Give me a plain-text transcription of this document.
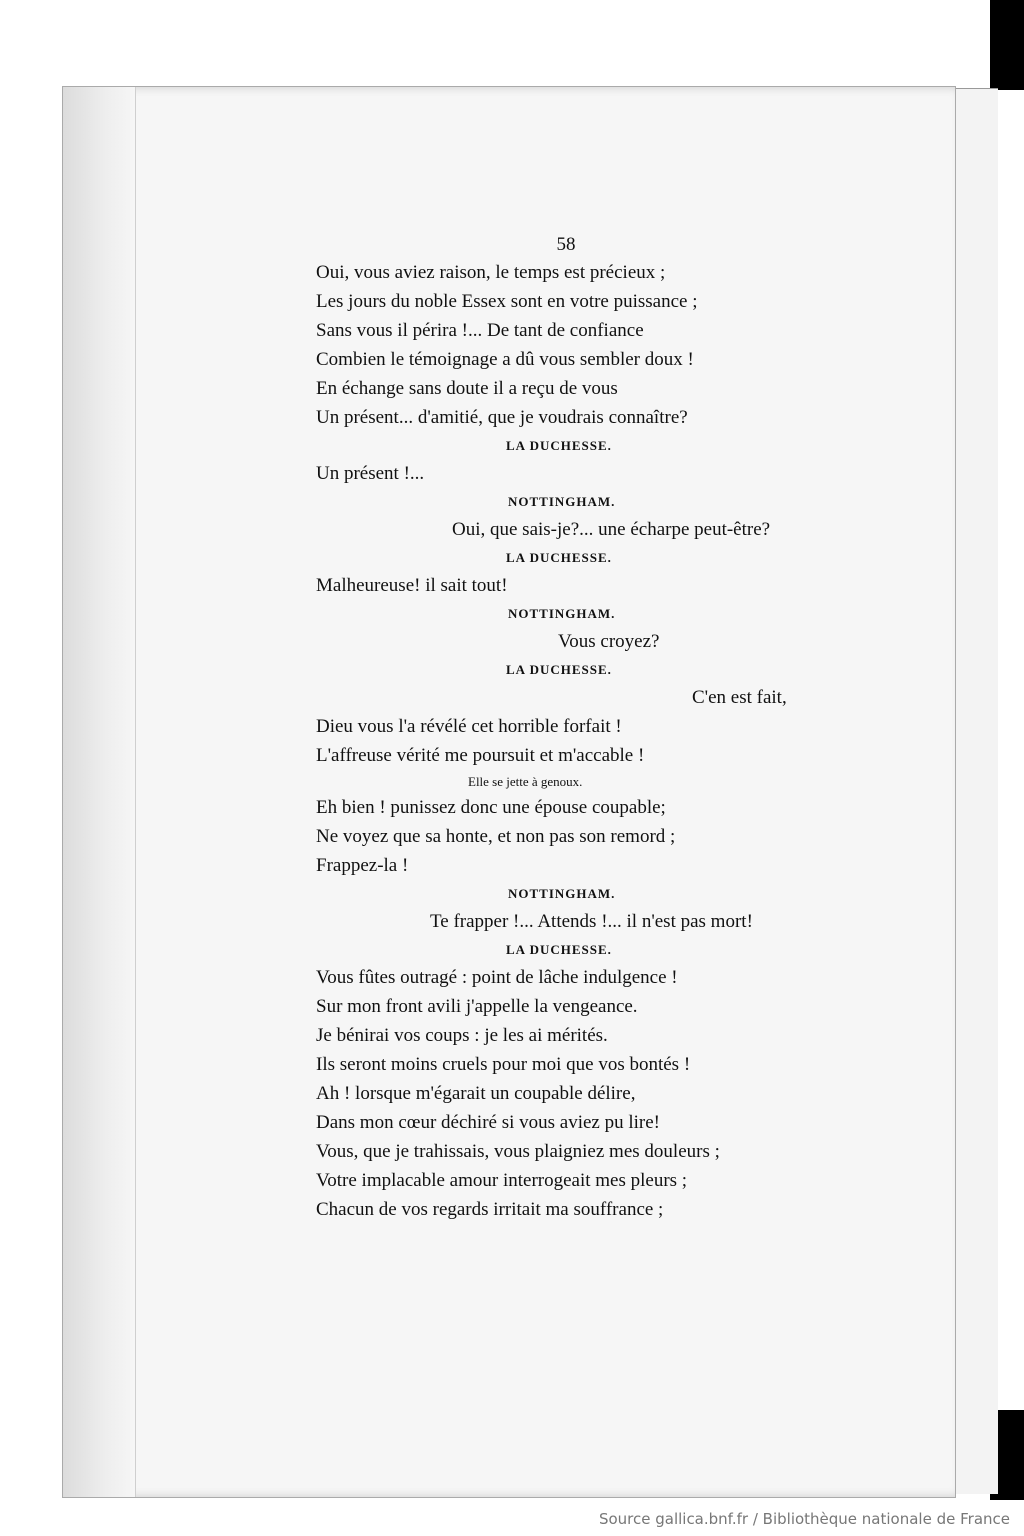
58
Oui, vous aviez raison, le temps est précieux ;
Les jours du noble Essex sont en votre puissance ;
Sans vous il périra !... De tant de confiance
Combien le témoignage a dû vous sembler doux !
En échange sans doute il a reçu de vous
Un présent... d'amitié, que je voudrais connaître?
LA DUCHESSE.
Un présent !...
NOTTINGHAM.
Oui, que sais-je?... une écharpe peut-être?
LA DUCHESSE.
Malheureuse! il sait tout!
NOTTINGHAM.
Vous croyez?
LA DUCHESSE.
C'en est fait,
Dieu vous l'a révélé cet horrible forfait !
L'affreuse vérité me poursuit et m'accable !
Elle se jette à genoux.
Eh bien ! punissez donc une épouse coupable;
Ne voyez que sa honte, et non pas son remord ;
Frappez-la !
NOTTINGHAM.
Te frapper !... Attends !... il n'est pas mort!
LA DUCHESSE.
Vous fûtes outragé : point de lâche indulgence !
Sur mon front avili j'appelle la vengeance.
Je bénirai vos coups : je les ai mérités.
Ils seront moins cruels pour moi que vos bontés !
Ah ! lorsque m'égarait un coupable délire,
Dans mon cœur déchiré si vous aviez pu lire!
Vous, que je trahissais, vous plaigniez mes douleurs ;
Votre implacable amour interrogeait mes pleurs ;
Chacun de vos regards irritait ma souffrance ;
Source gallica.bnf.fr / Bibliothèque nationale de France
